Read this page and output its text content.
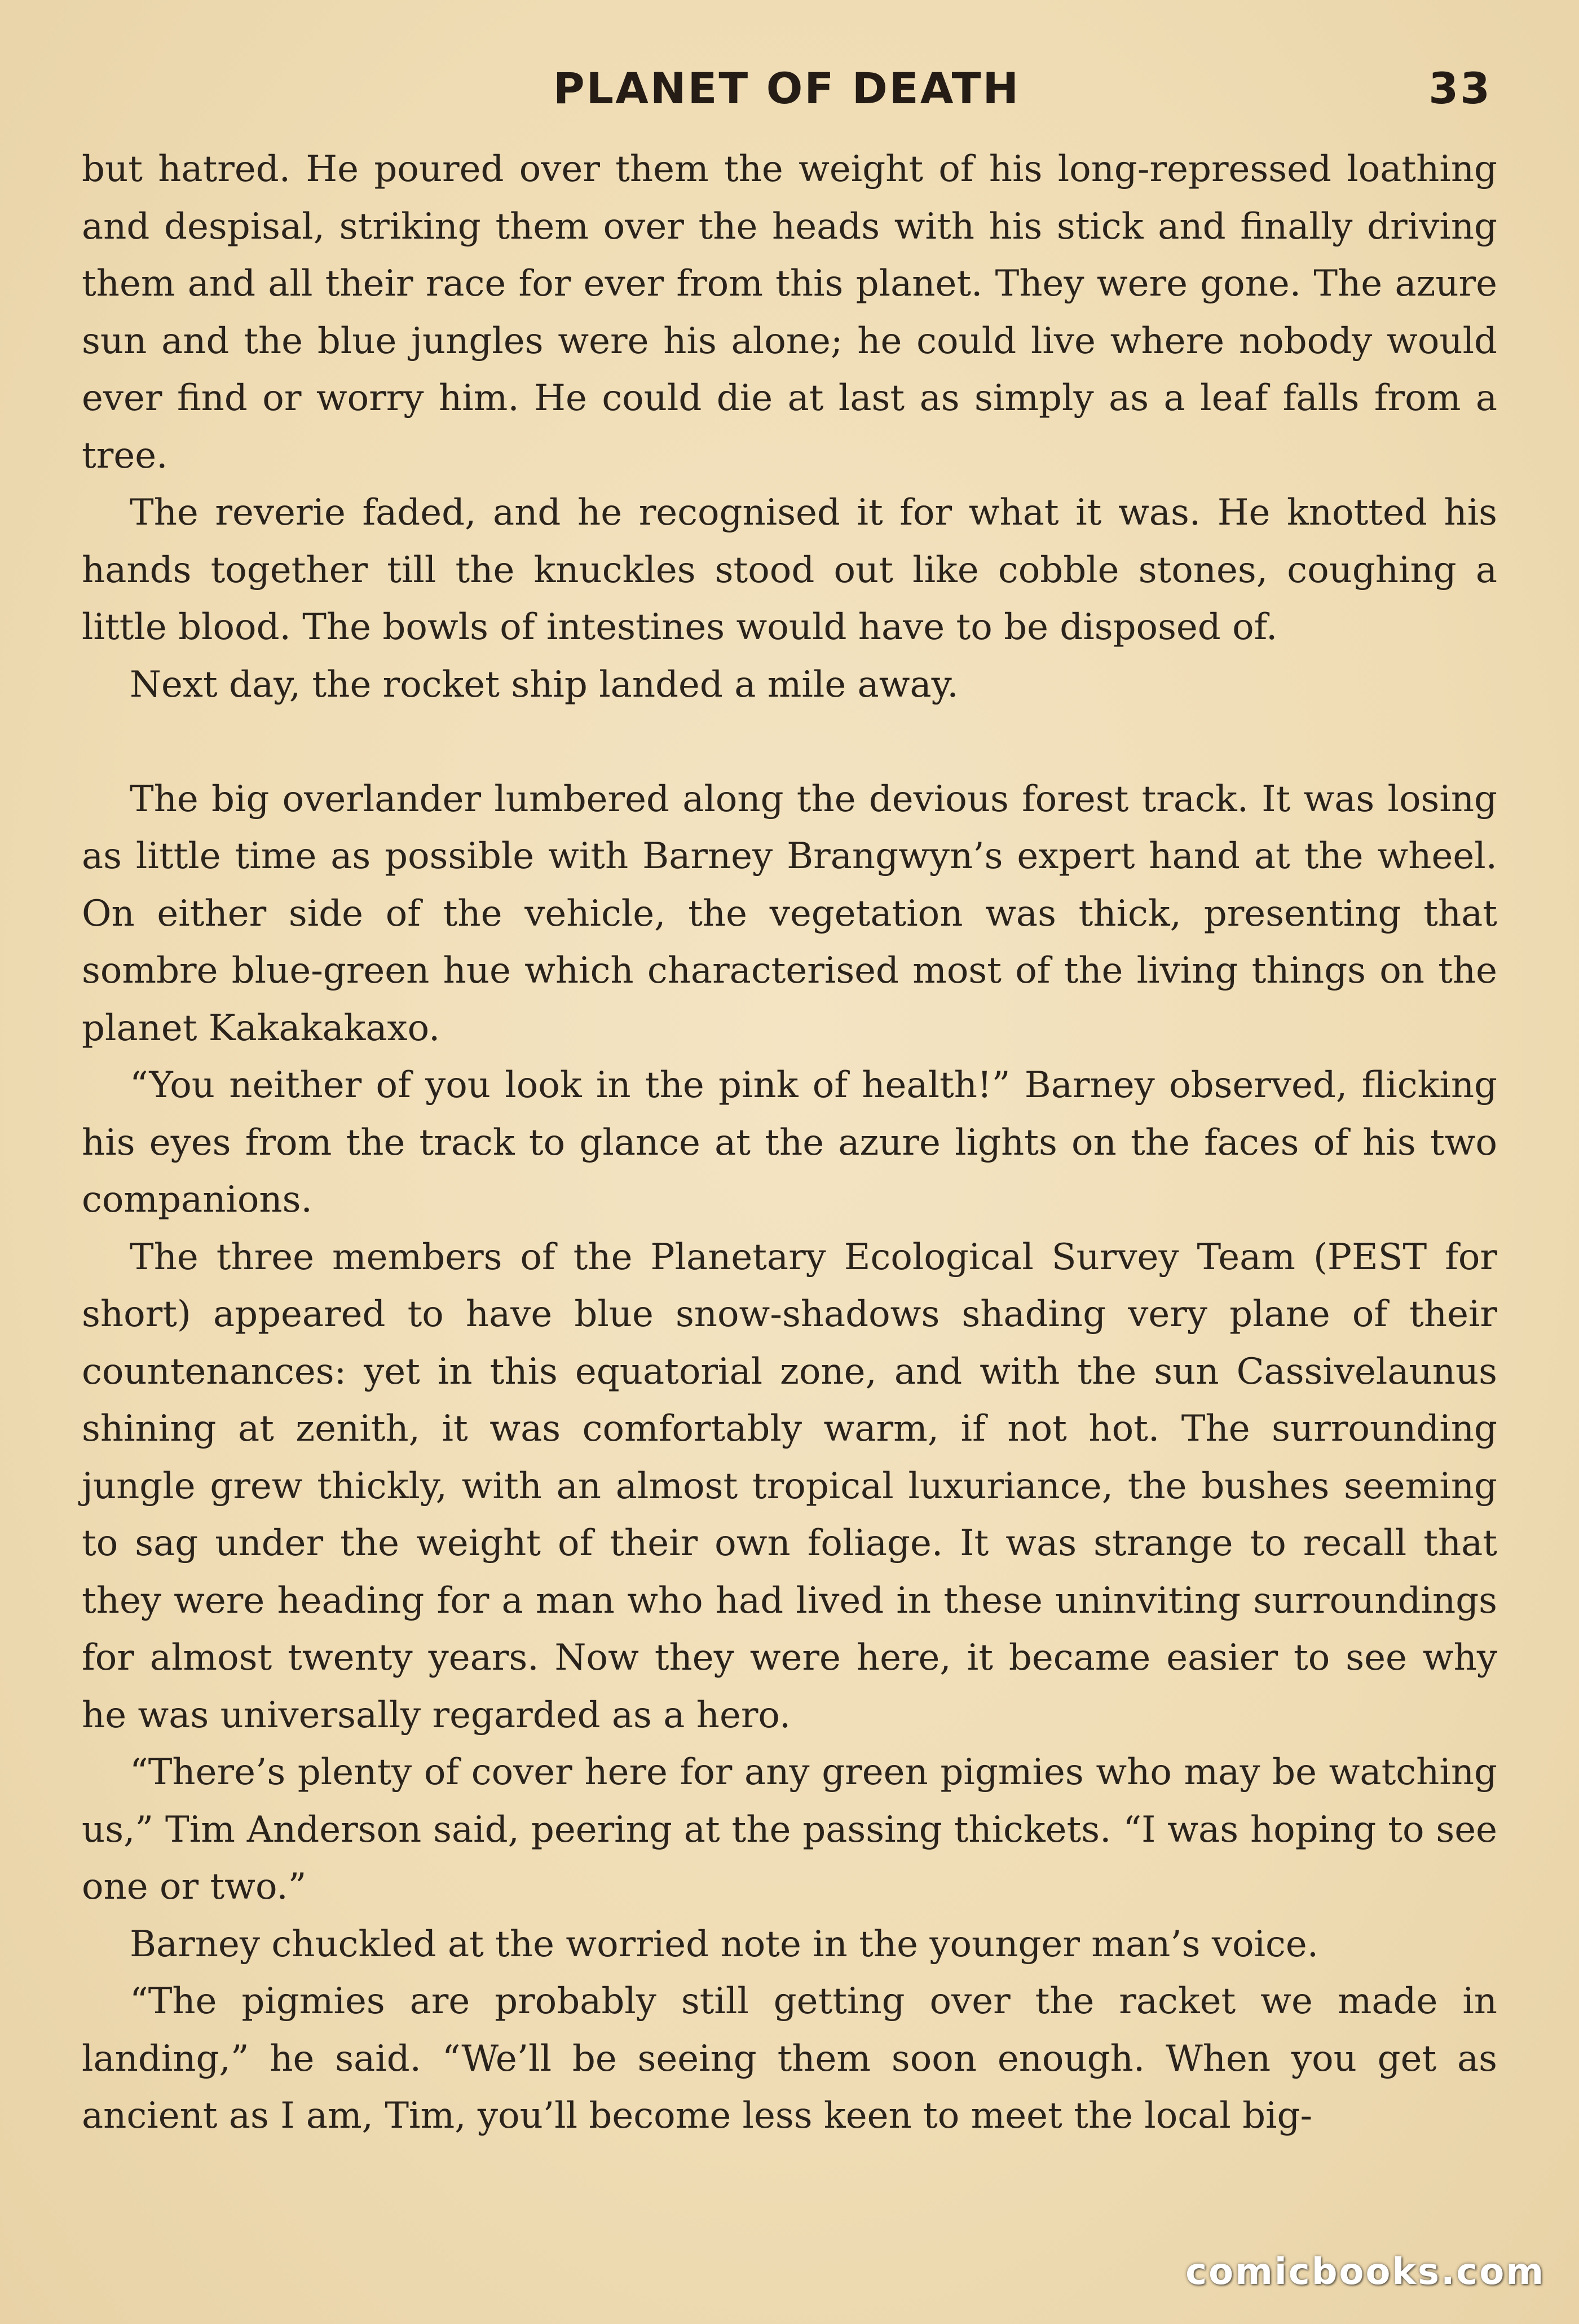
PLANET OF DEATH	33

but hatred. He poured over them the weight of his long-repressed loathing and despisal, striking them over the heads with his stick and finally driving them and all their race for ever from this planet. They were gone. The azure sun and the blue jungles were his alone; he could live where nobody would ever find or worry him. He could die at last as simply as a leaf falls from a tree.

The reverie faded, and he recognised it for what it was. He knotted his hands together till the knuckles stood out like cobble stones, coughing a little blood. The bowls of intestines would have to be disposed of.

Next day, the rocket ship landed a mile away.

The big overlander lumbered along the devious forest track. It was losing as little time as possible with Barney Brangwyn’s expert hand at the wheel. On either side of the vehicle, the vegetation was thick, presenting that sombre blue-green hue which characterised most of the living things on the planet Kakakakaxo.

“You neither of you look in the pink of health!” Barney observed, flicking his eyes from the track to glance at the azure lights on the faces of his two companions.

The three members of the Planetary Ecological Survey Team (PEST for short) appeared to have blue snow-shadows shading very plane of their countenances: yet in this equatorial zone, and with the sun Cassivelaunus shining at zenith, it was comfortably warm, if not hot. The surrounding jungle grew thickly, with an almost tropical luxuriance, the bushes seeming to sag under the weight of their own foliage. It was strange to recall that they were heading for a man who had lived in these uninviting surroundings for almost twenty years. Now they were here, it became easier to see why he was universally regarded as a hero.

“There’s plenty of cover here for any green pigmies who may be watching us,” Tim Anderson said, peering at the passing thickets. “I was hoping to see one or two.”

Barney chuckled at the worried note in the younger man’s voice.

“The pigmies are probably still getting over the racket we made in landing,” he said. “We’ll be seeing them soon enough. When you get as ancient as I am, Tim, you’ll become less keen to meet the local big-

comicbooks.com
